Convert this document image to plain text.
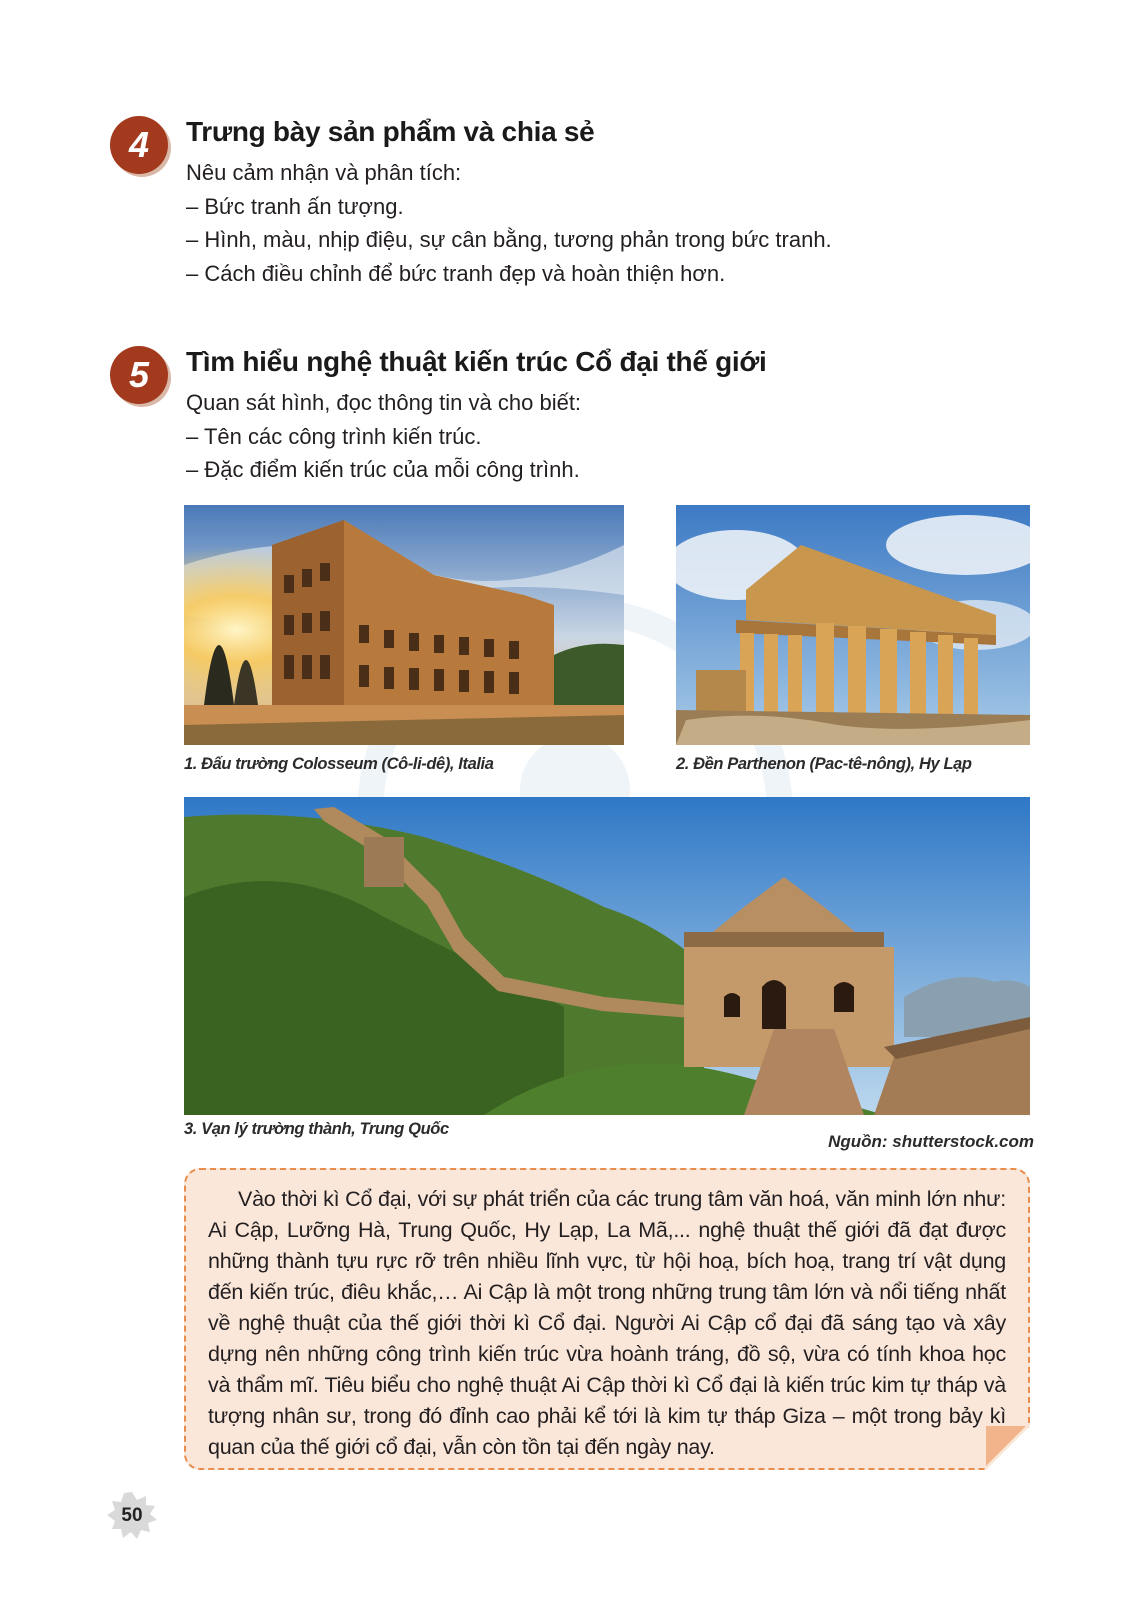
4	Trưng bày sản phẩm và chia sẻ
Nêu cảm nhận và phân tích:
– Bức tranh ấn tượng.
– Hình, màu, nhịp điệu, sự cân bằng, tương phản trong bức tranh.
– Cách điều chỉnh để bức tranh đẹp và hoàn thiện hơn.
5	Tìm hiểu nghệ thuật kiến trúc Cổ đại thế giới
Quan sát hình, đọc thông tin và cho biết:
– Tên các công trình kiến trúc.
– Đặc điểm kiến trúc của mỗi công trình.
1. Đấu trường Colosseum (Cô-li-dê), Italia	2. Đền Parthenon (Pac-tê-nông), Hy Lạp
3. Vạn lý trường thành, Trung Quốc
Nguồn: shutterstock.com
Vào thời kì Cổ đại, với sự phát triển của các trung tâm văn hoá, văn minh lớn như: Ai Cập, Lưỡng Hà, Trung Quốc, Hy Lạp, La Mã,... nghệ thuật thế giới đã đạt được những thành tựu rực rỡ trên nhiều lĩnh vực, từ hội hoạ, bích hoạ, trang trí vật dụng đến kiến trúc, điêu khắc,… Ai Cập là một trong những trung tâm lớn và nổi tiếng nhất về nghệ thuật của thế giới thời kì Cổ đại. Người Ai Cập cổ đại đã sáng tạo và xây dựng nên những công trình kiến trúc vừa hoành tráng, đồ sộ, vừa có tính khoa học và thẩm mĩ. Tiêu biểu cho nghệ thuật Ai Cập thời kì Cổ đại là kiến trúc kim tự tháp và tượng nhân sư, trong đó đỉnh cao phải kể tới là kim tự tháp Giza – một trong bảy kì quan của thế giới cổ đại, vẫn còn tồn tại đến ngày nay.
50
